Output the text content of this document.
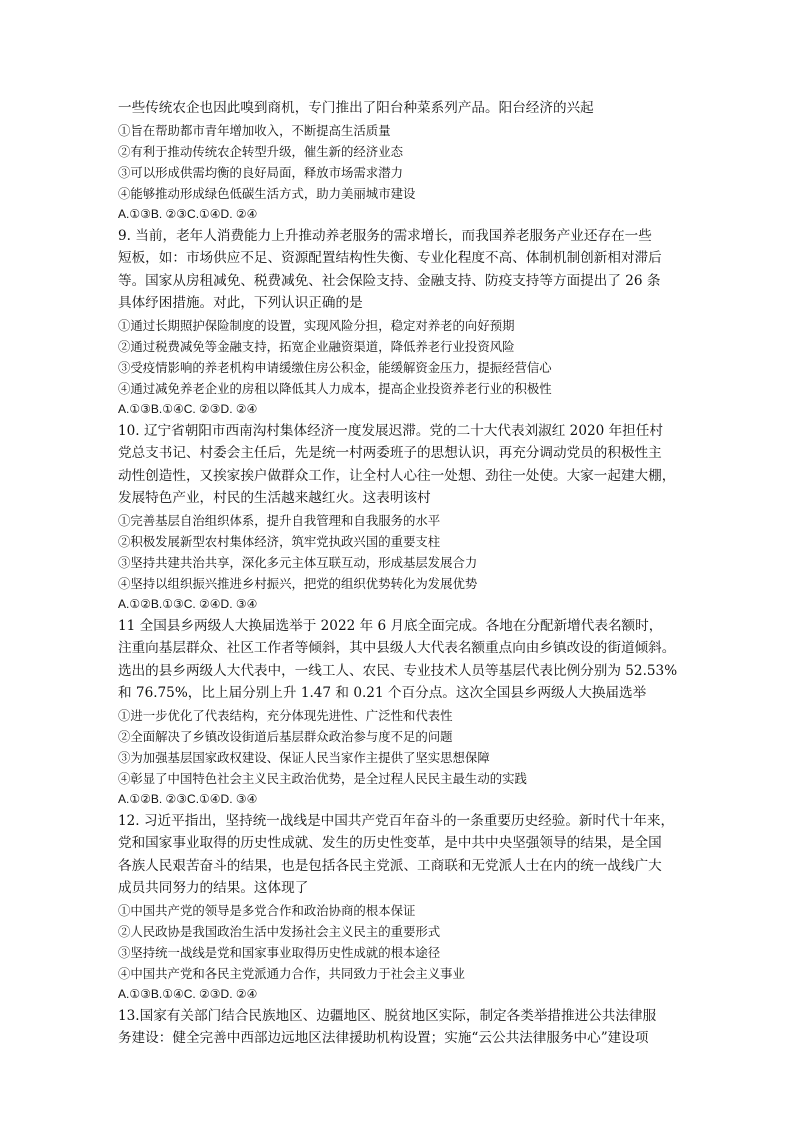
一些传统农企也因此嗅到商机，专门推出了阳台种菜系列产品。阳台经济的兴起
①旨在帮助都市青年增加收入，不断提高生活质量
②有利于推动传统农企转型升级，催生新的经济业态
③可以形成供需均衡的良好局面，释放市场需求潜力
④能够推动形成绿色低碳生活方式，助力美丽城市建设
A.①③B. ②③C.①④D. ②④
9. 当前，老年人消费能力上升推动养老服务的需求增长，而我国养老服务产业还存在一些
短板，如：市场供应不足、资源配置结构性失衡、专业化程度不高、体制机制创新相对滞后
等。国家从房租减免、税费减免、社会保险支持、金融支持、防疫支持等方面提出了 26 条
具体纾困措施。对此，下列认识正确的是
①通过长期照护保险制度的设置，实现风险分担，稳定对养老的向好预期
②通过税费减免等金融支持，拓宽企业融资渠道，降低养老行业投资风险
③受疫情影响的养老机构申请缓缴住房公积金，能缓解资金压力，提振经营信心
④通过减免养老企业的房租以降低其人力成本，提高企业投资养老行业的积极性
A.①③B.①④C. ②③D. ②④
10. 辽宁省朝阳市西南沟村集体经济一度发展迟滞。党的二十大代表刘淑红 2020 年担任村
党总支书记、村委会主任后，先是统一村两委班子的思想认识，再充分调动党员的积极性主
动性创造性，又挨家挨户做群众工作，让全村人心往一处想、劲往一处使。大家一起建大棚，
发展特色产业，村民的生活越来越红火。这表明该村
①完善基层自治组织体系，提升自我管理和自我服务的水平
②积极发展新型农村集体经济，筑牢党执政兴国的重要支柱
③坚持共建共治共享，深化多元主体互联互动，形成基层发展合力
④坚持以组织振兴推进乡村振兴，把党的组织优势转化为发展优势
A.①②B.①③C. ②④D. ③④
11 全国县乡两级人大换届选举于 2022 年 6 月底全面完成。各地在分配新增代表名额时，
注重向基层群众、社区工作者等倾斜，其中县级人大代表名额重点向由乡镇改设的街道倾斜。
选出的县乡两级人大代表中，一线工人、农民、专业技术人员等基层代表比例分别为 52.53%
和 76.75%，比上届分别上升 1.47 和 0.21 个百分点。这次全国县乡两级人大换届选举
①进一步优化了代表结构，充分体现先进性、广泛性和代表性
②全面解决了乡镇改设街道后基层群众政治参与度不足的问题
③为加强基层国家政权建设、保证人民当家作主提供了坚实思想保障
④彰显了中国特色社会主义民主政治优势，是全过程人民民主最生动的实践
A.①②B. ②③C.①④D. ③④
12. 习近平指出，坚持统一战线是中国共产党百年奋斗的一条重要历史经验。新时代十年来，
党和国家事业取得的历史性成就、发生的历史性变革，是中共中央坚强领导的结果，是全国
各族人民艰苦奋斗的结果，也是包括各民主党派、工商联和无党派人士在内的统一战线广大
成员共同努力的结果。这体现了
①中国共产党的领导是多党合作和政治协商的根本保证
②人民政协是我国政治生活中发扬社会主义民主的重要形式
③坚持统一战线是党和国家事业取得历史性成就的根本途径
④中国共产党和各民主党派通力合作，共同致力于社会主义事业
A.①③B.①④C. ②③D. ②④
13.国家有关部门结合民族地区、边疆地区、脱贫地区实际，制定各类举措推进公共法律服
务建设：健全完善中西部边远地区法律援助机构设置；实施“云公共法律服务中心”建设项
